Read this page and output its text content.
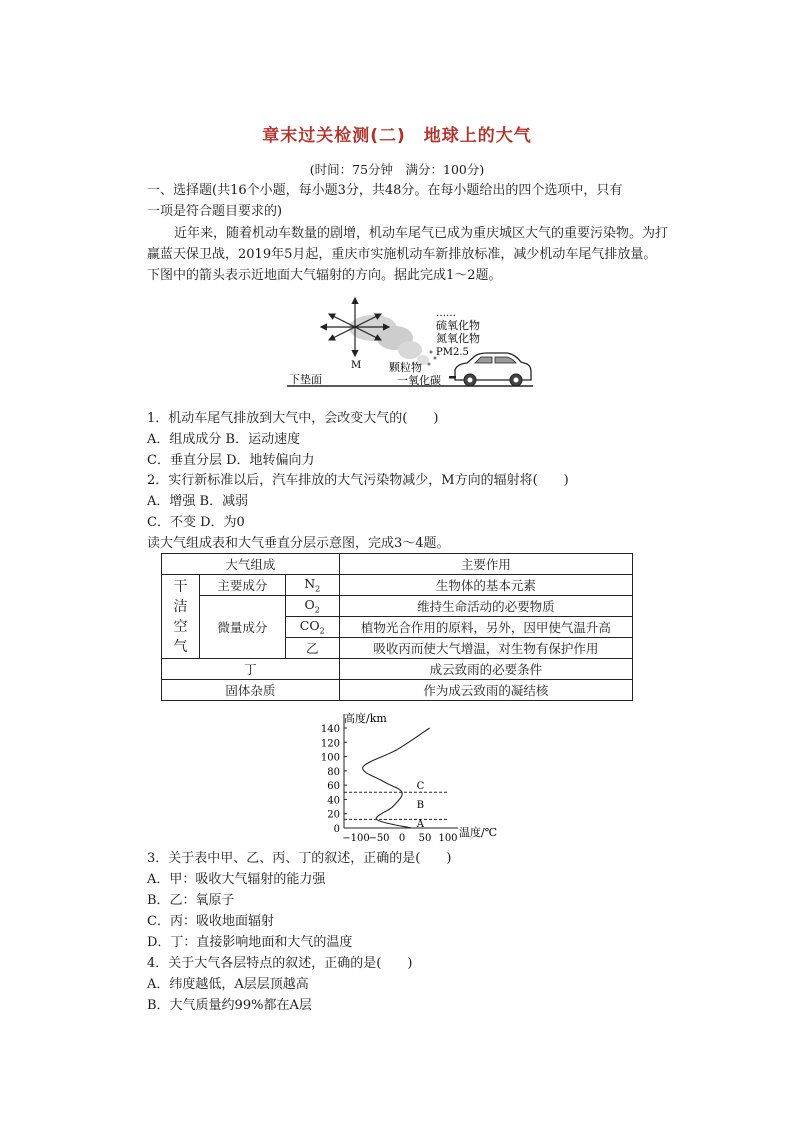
章末过关检测(二)　地球上的大气
(时间：75分钟　满分：100分)
一、选择题(共16个小题，每小题3分，共48分。在每小题给出的四个选项中，只有
一项是符合题目要求的)
近年来，随着机动车数量的剧增，机动车尾气已成为重庆城区大气的重要污染物。为打
赢蓝天保卫战，2019年5月起，重庆市实施机动车新排放标准，减少机动车尾气排放量。
下图中的箭头表示近地面大气辐射的方向。据此完成1～2题。
M
……
硫氧化物
氮氧化物
PM2.5
颗粒物
一氧化碳
下垫面
1．机动车尾气排放到大气中，会改变大气的(　　)
A．组成成分 B．运动速度
C．垂直分层 D．地转偏向力
2．实行新标准以后，汽车排放的大气污染物减少，M方向的辐射将(　　)
A．增强 B．减弱
C．不变 D．为0
读大气组成表和大气垂直分层示意图，完成3～4题。
大气组成			主要作用

干
洁
空
气	主要成分	$N_2$	生物体的基本元素
	微量成分	$O_2$	维持生命活动的必要物质
		$CO_2$	植物光合作用的原料，另外，因甲使气温升高
		乙	吸收丙而使大气增温，对生物有保护作用
丁			成云致雨的必要条件
固体杂质			作为成云致雨的凝结核
高度/km
温度/℃
0
20
40
60
80
100
120
140
−100
−50 0 50 100
A
B
C
3．关于表中甲、乙、丙、丁的叙述，正确的是(　　)
A．甲：吸收大气辐射的能力强
B．乙：氧原子
C．丙：吸收地面辐射
D．丁：直接影响地面和大气的温度
4．关于大气各层特点的叙述，正确的是(　　)
A．纬度越低，A层层顶越高
B．大气质量约99%都在A层
